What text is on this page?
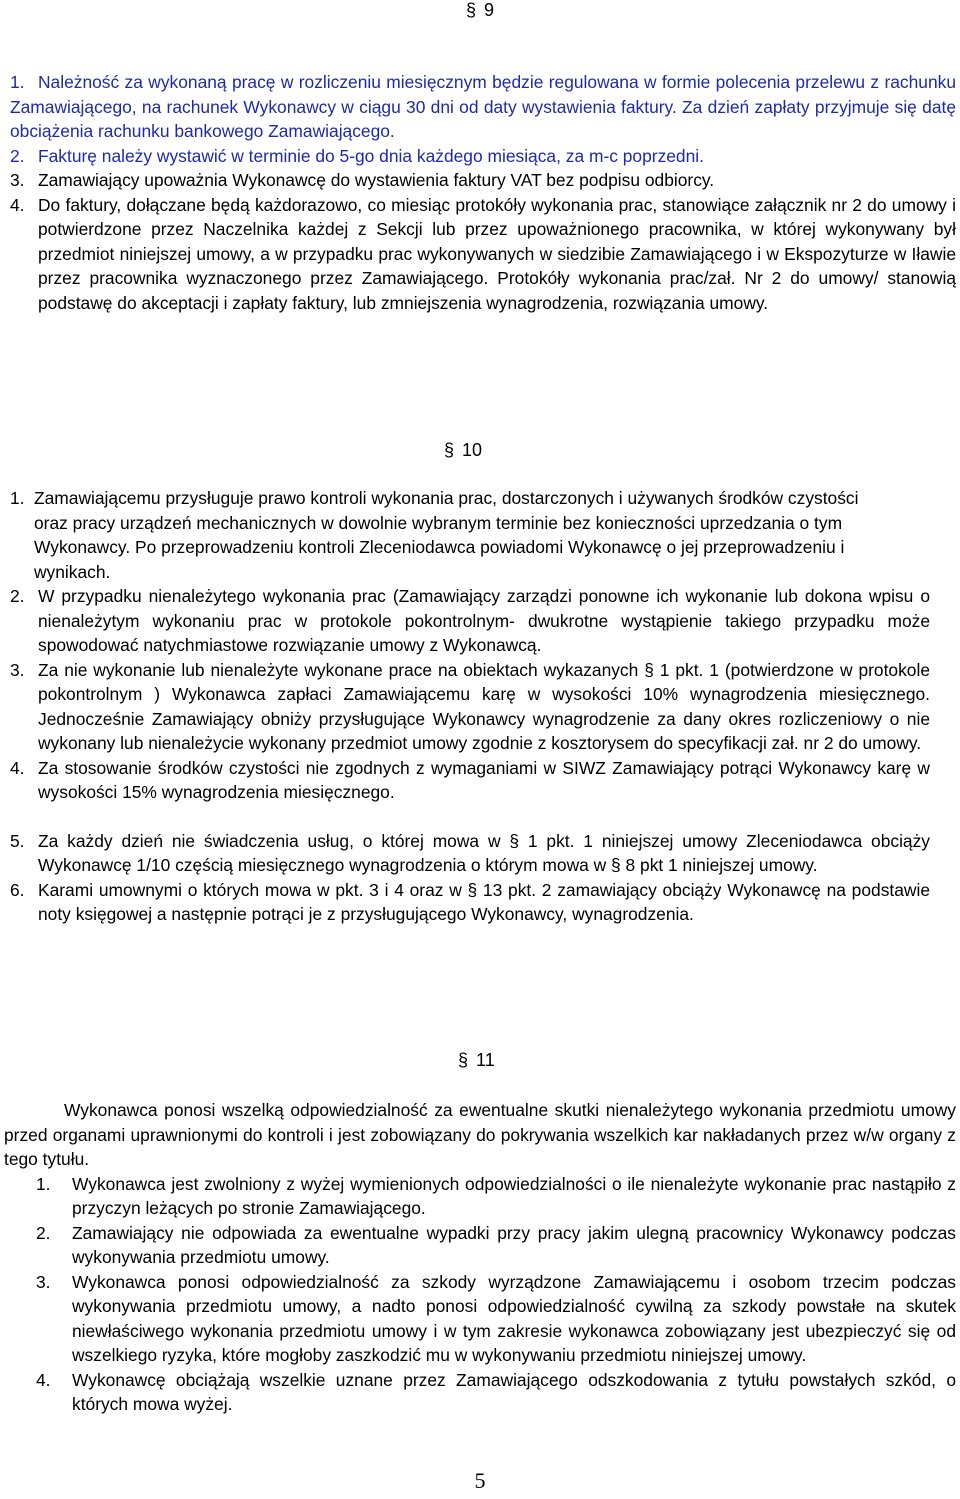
§ 9
1. Należność za wykonaną pracę w rozliczeniu miesięcznym będzie regulowana w formie polecenia przelewu z rachunku Zamawiającego, na rachunek Wykonawcy w ciągu 30 dni od daty wystawienia faktury. Za dzień zapłaty przyjmuje się datę obciążenia rachunku bankowego Zamawiającego.
2. Fakturę należy wystawić w terminie do 5-go dnia każdego miesiąca, za m-c poprzedni.
3. Zamawiający upoważnia Wykonawcę do wystawienia faktury VAT bez podpisu odbiorcy.
4. Do faktury, dołączane będą każdorazowo, co miesiąc protokóły wykonania prac, stanowiące załącznik nr 2 do umowy i potwierdzone przez Naczelnika każdej z Sekcji lub przez upoważnionego pracownika, w której wykonywany był przedmiot niniejszej umowy, a w przypadku prac wykonywanych w siedzibie Zamawiającego i w Ekspozyturze w Iławie przez pracownika wyznaczonego przez Zamawiającego. Protokóły wykonania prac/zał. Nr 2 do umowy/ stanowią podstawę do akceptacji i zapłaty faktury, lub zmniejszenia wynagrodzenia, rozwiązania umowy.
§ 10
1. Zamawiającemu przysługuje prawo kontroli wykonania prac, dostarczonych i używanych środków czystości oraz pracy urządzeń mechanicznych w dowolnie wybranym terminie bez konieczności uprzedzania o tym Wykonawcy. Po przeprowadzeniu kontroli Zleceniodawca powiadomi Wykonawcę o jej przeprowadzeniu i wynikach.
2. W przypadku nienależytego wykonania prac (Zamawiający zarządzi ponowne ich wykonanie lub dokona wpisu o nienależytym wykonaniu prac w protokole pokontrolnym- dwukrotne wystąpienie takiego przypadku może spowodować natychmiastowe rozwiązanie umowy z Wykonawcą.
3. Za nie wykonanie lub nienależyte wykonane prace na obiektach wykazanych § 1 pkt. 1 (potwierdzone w protokole pokontrolnym ) Wykonawca zapłaci Zamawiającemu karę w wysokości 10% wynagrodzenia miesięcznego. Jednocześnie Zamawiający obniży przysługujące Wykonawcy wynagrodzenie za dany okres rozliczeniowy o nie wykonany lub nienależycie wykonany przedmiot umowy zgodnie z kosztorysem do specyfikacji zał. nr 2 do umowy.
4. Za stosowanie środków czystości nie zgodnych z wymaganiami w SIWZ Zamawiający potrąci Wykonawcy karę w wysokości 15% wynagrodzenia miesięcznego.
5. Za każdy dzień nie świadczenia usług, o której mowa w § 1 pkt. 1 niniejszej umowy Zleceniodawca obciąży Wykonawcę 1/10 częścią miesięcznego wynagrodzenia o którym mowa w § 8 pkt 1 niniejszej umowy.
6. Karami umownymi o których mowa w pkt. 3 i 4 oraz w § 13 pkt. 2 zamawiający obciąży Wykonawcę na podstawie noty księgowej a następnie potrąci je z przysługującego Wykonawcy, wynagrodzenia.
§ 11
Wykonawca ponosi wszelką odpowiedzialność za ewentualne skutki nienależytego wykonania przedmiotu umowy przed organami uprawnionymi do kontroli i jest zobowiązany do pokrywania wszelkich kar nakładanych przez w/w organy z tego tytułu.
1. Wykonawca jest zwolniony z wyżej wymienionych odpowiedzialności o ile nienależyte wykonanie prac nastąpiło z przyczyn leżących po stronie Zamawiającego.
2. Zamawiający nie odpowiada za ewentualne wypadki przy pracy jakim ulegną pracownicy Wykonawcy podczas wykonywania przedmiotu umowy.
3. Wykonawca ponosi odpowiedzialność za szkody wyrządzone Zamawiającemu i osobom trzecim podczas wykonywania przedmiotu umowy, a nadto ponosi odpowiedzialność cywilną za szkody powstałe na skutek niewłaściwego wykonania przedmiotu umowy i w tym zakresie wykonawca zobowiązany jest ubezpieczyć się od wszelkiego ryzyka, które mogłoby zaszkodzić mu w wykonywaniu przedmiotu niniejszej umowy.
4. Wykonawcę obciążają wszelkie uznane przez Zamawiającego odszkodowania z tytułu powstałych szkód, o których mowa wyżej.
5
